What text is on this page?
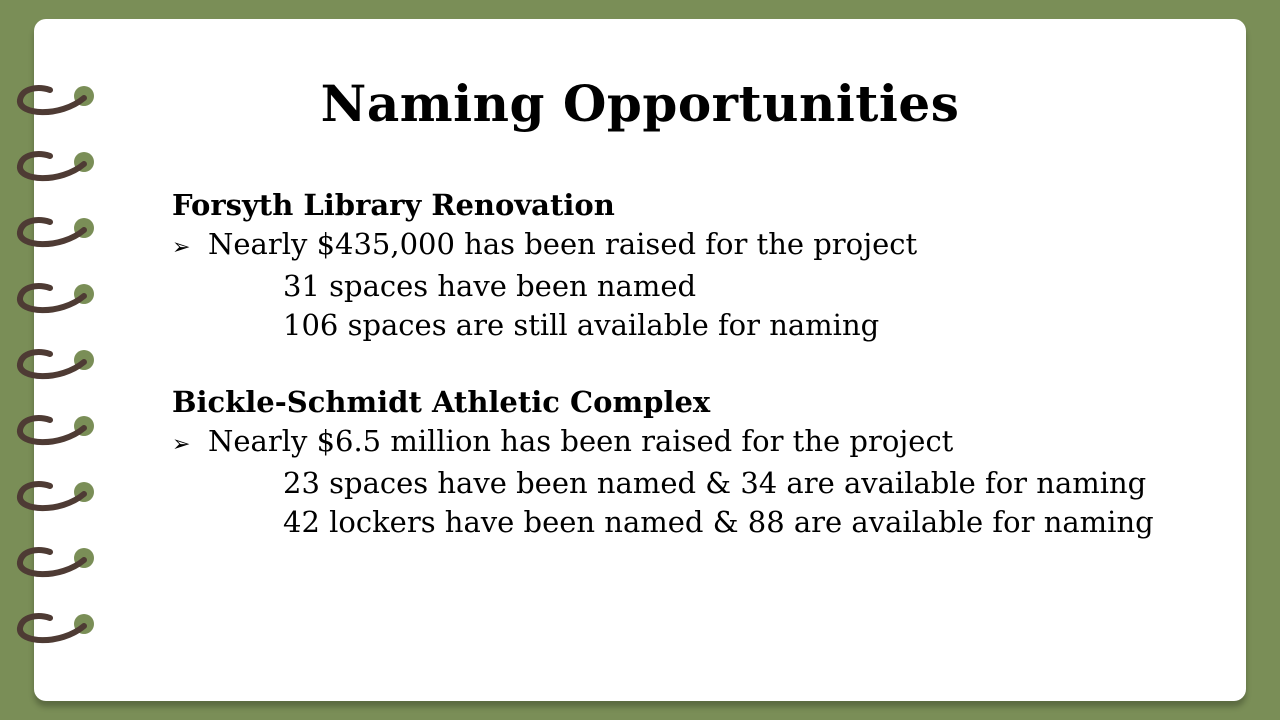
Naming Opportunities
Forsyth Library Renovation
➢ Nearly $435,000 has been raised for the project
31 spaces have been named
106 spaces are still available for naming
Bickle-Schmidt Athletic Complex
➢ Nearly $6.5 million has been raised for the project
23 spaces have been named & 34 are available for naming
42 lockers have been named & 88 are available for naming
